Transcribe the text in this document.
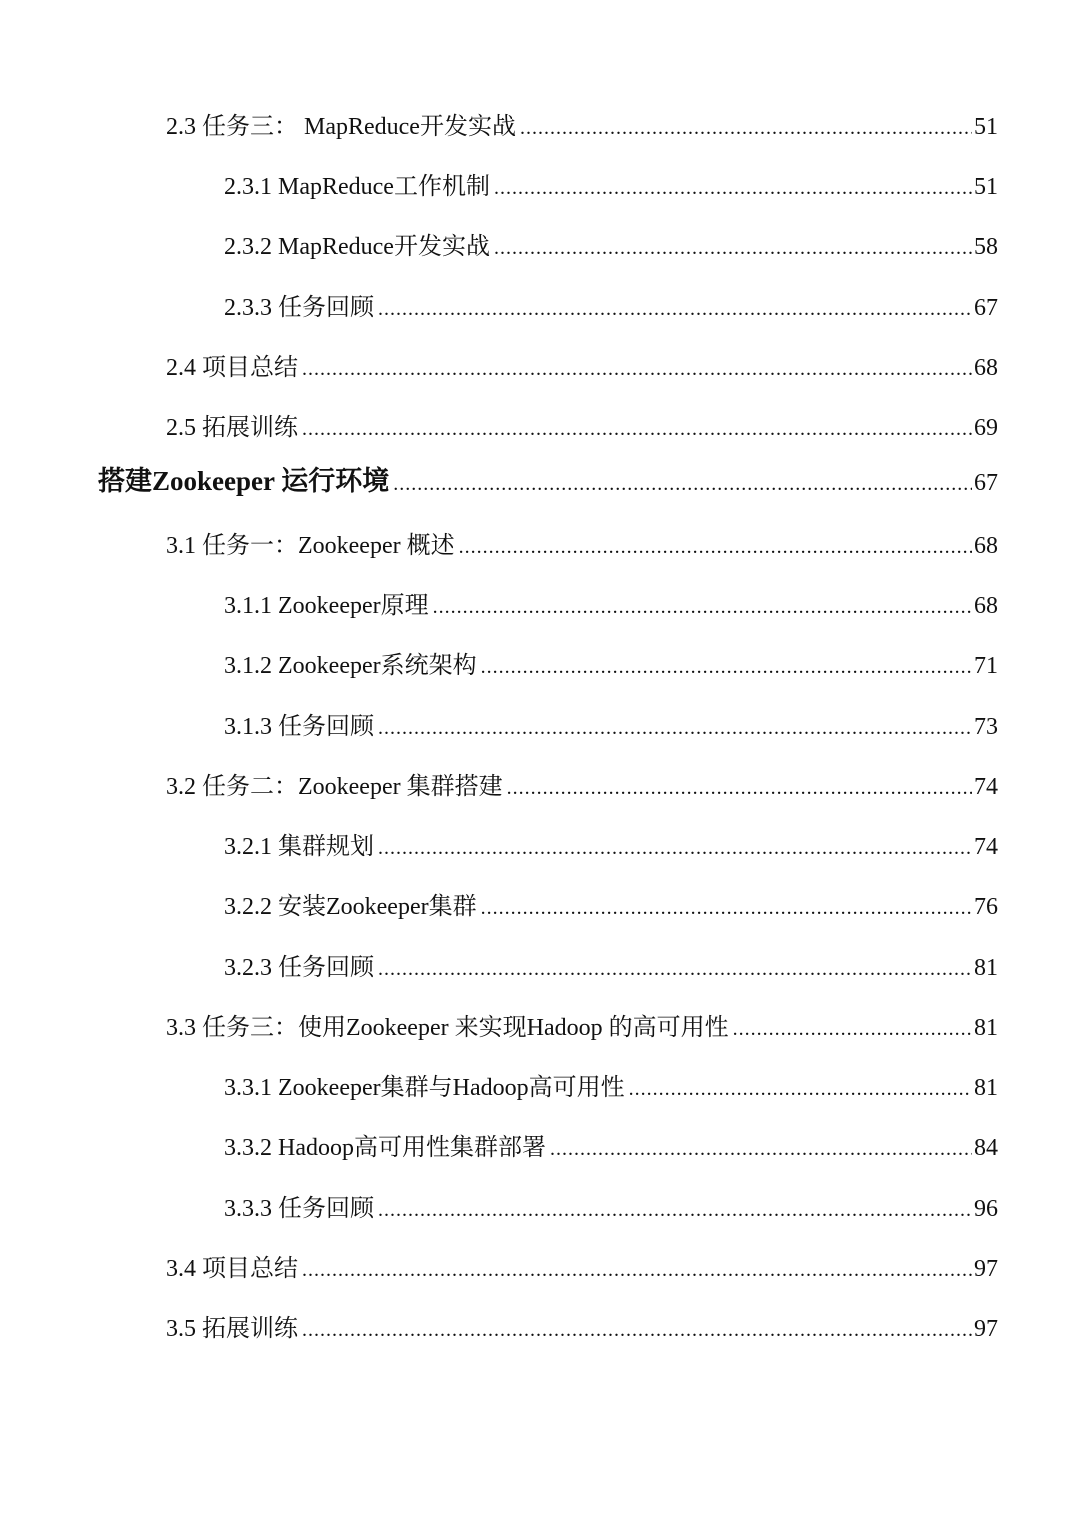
2.3 任务三： MapReduce开发实战 .....	51
2.3.1 MapReduce工作机制 .....	51
2.3.2 MapReduce开发实战 .....	58
2.3.3 任务回顾 .....	67
2.4 项目总结 .....	68
2.5 拓展训练 .....	69
搭建Zookeeper 运行环境 .....	67
3.1 任务一：Zookeeper 概述 .....	68
3.1.1 Zookeeper原理 .....	68
3.1.2 Zookeeper系统架构 .....	71
3.1.3 任务回顾 .....	73
3.2 任务二：Zookeeper 集群搭建 .....	74
3.2.1 集群规划 .....	74
3.2.2 安装Zookeeper集群 .....	76
3.2.3 任务回顾 .....	81
3.3 任务三：使用Zookeeper 来实现Hadoop 的高可用性 .....	81
3.3.1 Zookeeper集群与Hadoop高可用性 .....	81
3.3.2 Hadoop高可用性集群部署 .....	84
3.3.3 任务回顾 .....	96
3.4 项目总结 .....	97
3.5 拓展训练 .....	97
